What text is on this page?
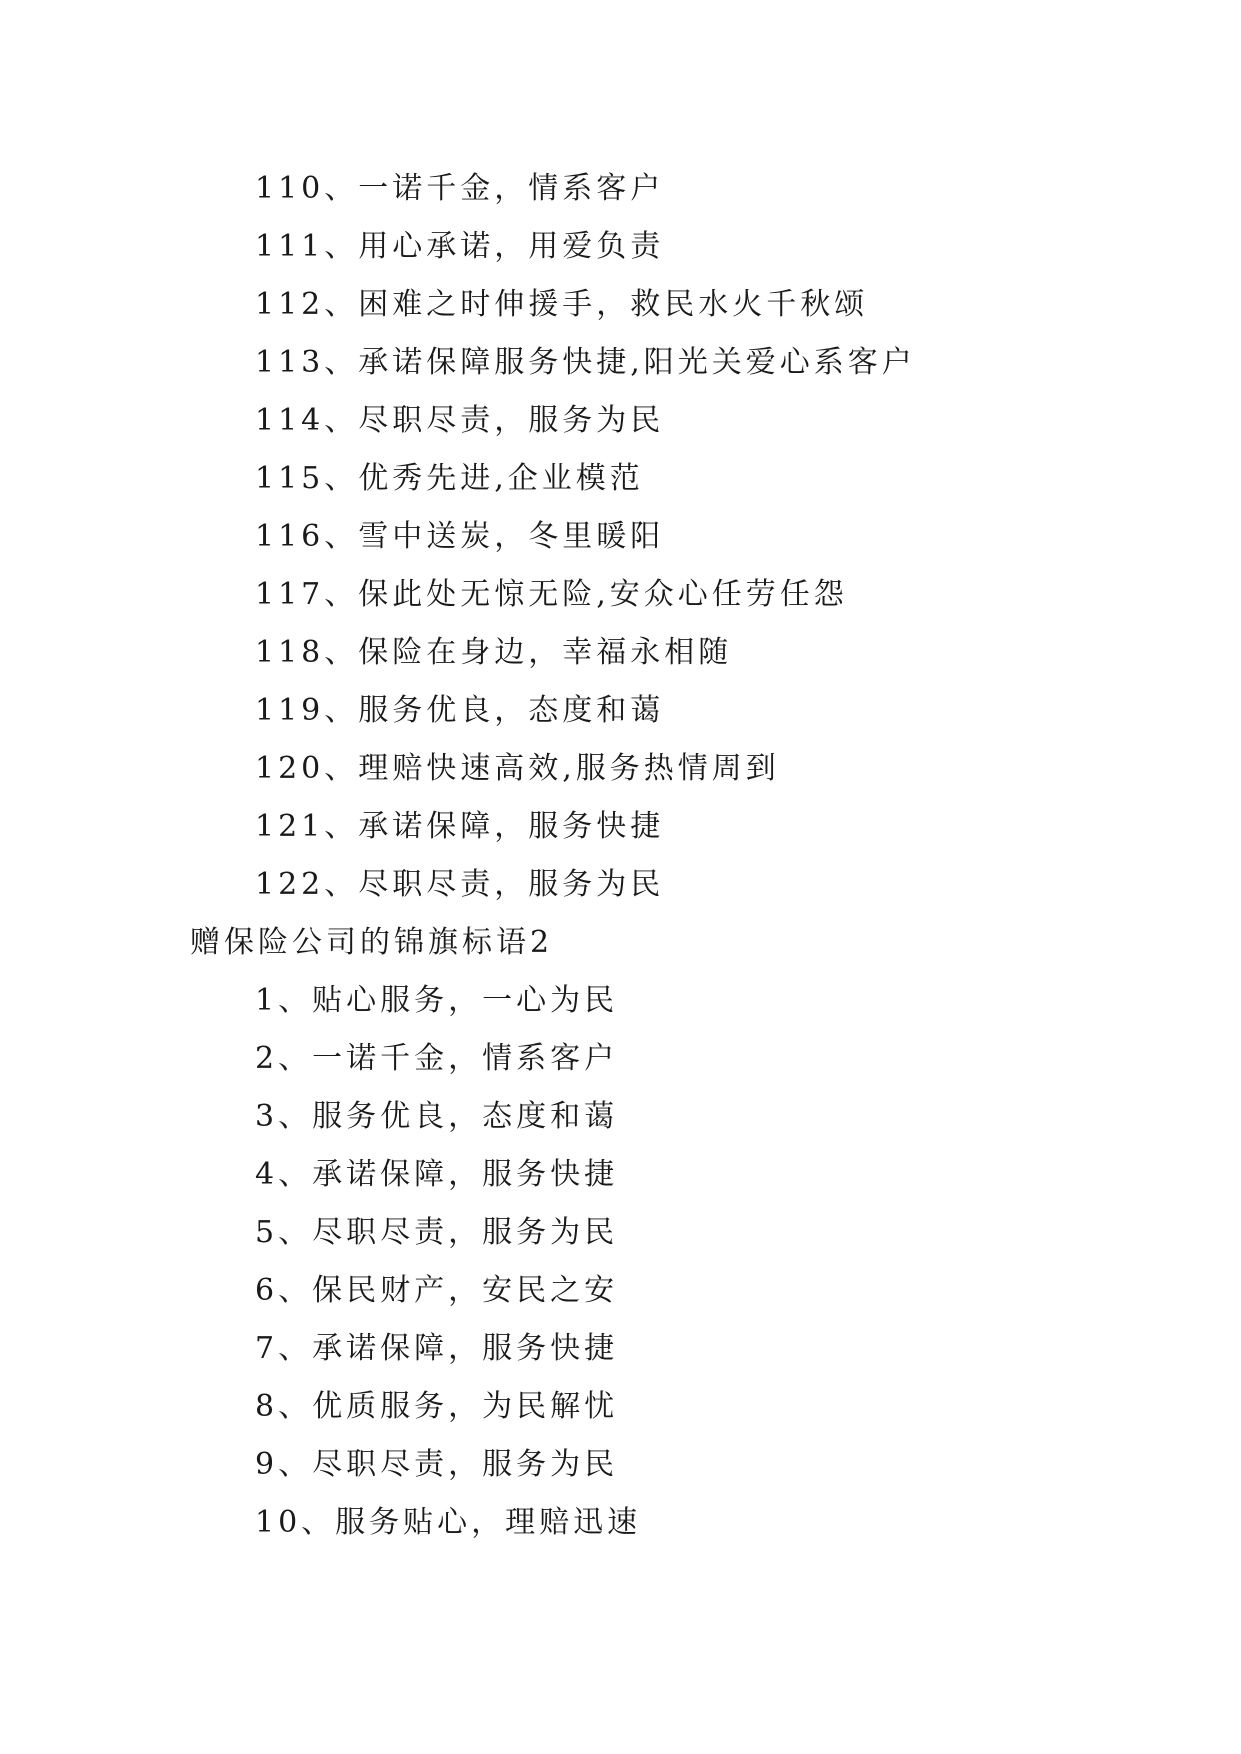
110、一诺千金，情系客户
111、用心承诺，用爱负责
112、困难之时伸援手，救民水火千秋颂
113、承诺保障服务快捷,阳光关爱心系客户
114、尽职尽责，服务为民
115、优秀先进,企业模范
116、雪中送炭，冬里暖阳
117、保此处无惊无险,安众心任劳任怨
118、保险在身边，幸福永相随
119、服务优良，态度和蔼
120、理赔快速高效,服务热情周到
121、承诺保障，服务快捷
122、尽职尽责，服务为民
赠保险公司的锦旗标语2
1、贴心服务，一心为民
2、一诺千金，情系客户
3、服务优良，态度和蔼
4、承诺保障，服务快捷
5、尽职尽责，服务为民
6、保民财产，安民之安
7、承诺保障，服务快捷
8、优质服务，为民解忧
9、尽职尽责，服务为民
10、服务贴心，理赔迅速
